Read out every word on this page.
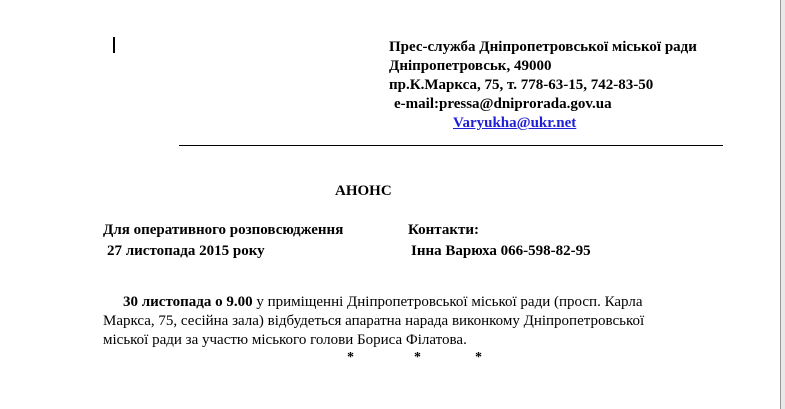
Прес-служба Дніпропетровської міської ради
Дніпропетровськ, 49000
пр.К.Маркса, 75, т. 778-63-15, 742-83-50
e-mail:pressa@dniprorada.gov.ua
Varyukha@ukr.net
АНОНС
Для оперативного розповсюдження
27 листопада 2015 року
Контакти:
Інна Варюха 066-598-82-95
30 листопада о 9.00 у приміщенні Дніпропетровської міської ради (просп. Карла
Маркса, 75, сесійна зала) відбудеться апаратна нарада виконкому Дніпропетровської
міської ради за участю міського голови Бориса Філатова.
*	*	*
